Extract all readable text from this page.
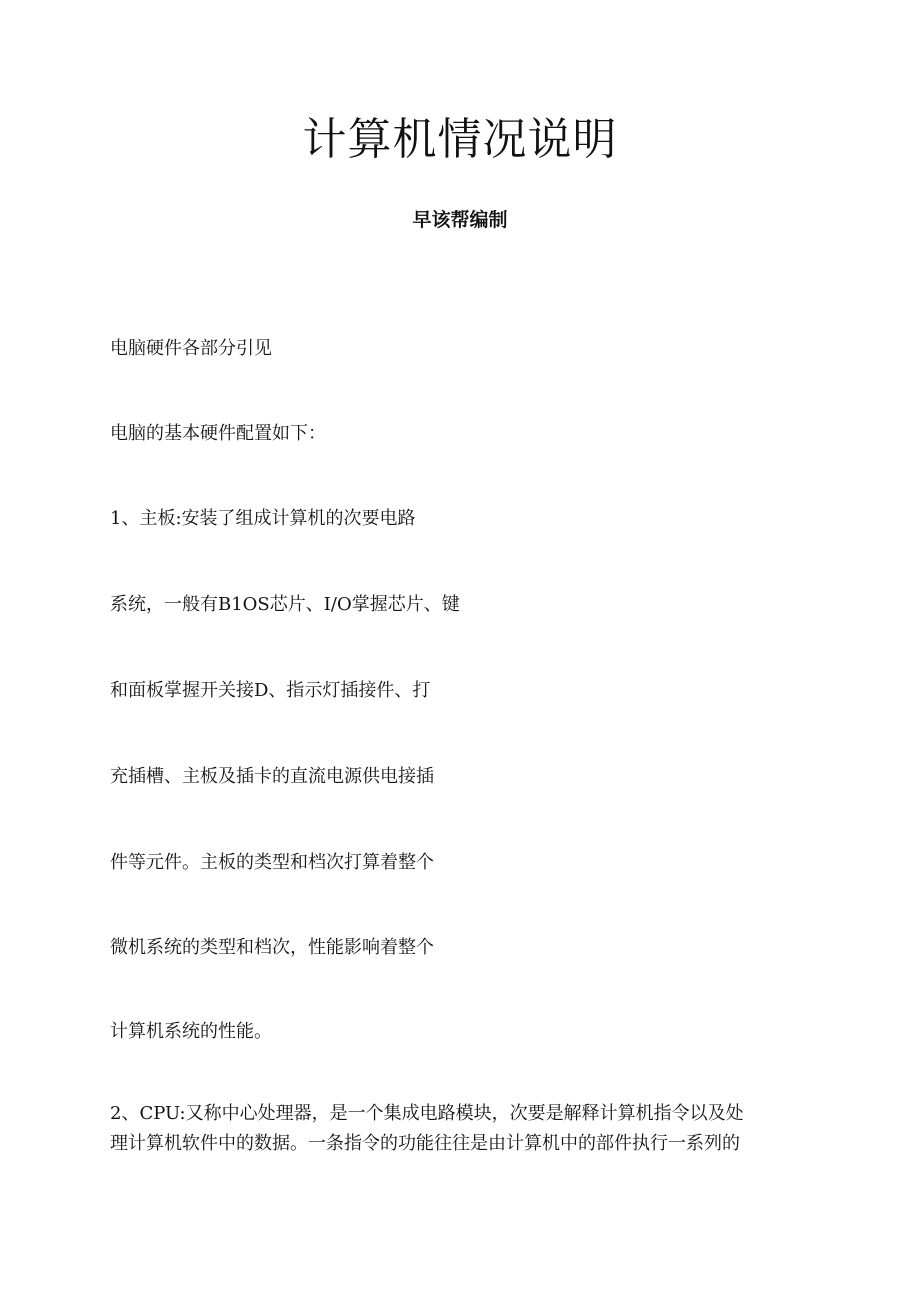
计算机情况说明
早该帮编制

电脑硬件各部分引见

电脑的基本硬件配置如下：

1、主板:安装了组成计算机的次要电路

系统，一般有B1OS芯片、I/O掌握芯片、键

和面板掌握开关接D、指示灯插接件、打

充插槽、主板及插卡的直流电源供电接插

件等元件。主板的类型和档次打算着整个

微机系统的类型和档次，性能影响着整个

计算机系统的性能。

2、CPU:又称中心处理器，是一个集成电路模块，次要是解释计算机指令以及处

理计算机软件中的数据。一条指令的功能往往是由计算机中的部件执行一系列的
